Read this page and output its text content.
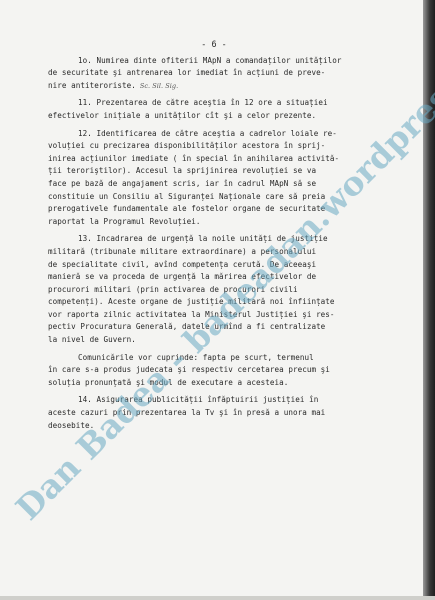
- 6 -
1o. Numirea dinte ofiterii MApN a comandaților unităților
de securitate şi antrenarea lor imediat în acțiuni de preve-
nire antiteroriste. Sc. Sil. Sig.
11. Prezentarea de către aceştia în 12 ore a situației
efectivelor inițiale a unităților cît şi a celor prezente.
12. Identificarea de către aceştia a cadrelor loiale re-
voluției cu precizarea disponibilităților acestora în sprij-
inirea acțiunilor imediate ( în special în anihilarea activită-
ții teroriştilor). Accesul la sprijinirea revoluției se va
face pe bază de angajament scris, iar în cadrul MApN să se
constituie un Consiliu al Siguranței Naționale care să preia
prerogativele fundamentale ale fostelor organe de securitate
raportat la Programul Revoluției.
13. Incadrarea de urgență la noile unități de justiție
militară (tribunale militare extraordinare) a personalului
de specialitate civil, avînd competența cerută. De aceeaşi
manieră se va proceda de urgență la mărirea efectivelor de
procurori militari (prin activarea de procurori civili
competenți). Aceste organe de justiție militară noi înființate
vor raporta zilnic activitatea la Ministerul Justiției şi res-
pectiv Procuratura Generală, datele urmînd a fi centralizate
la nivel de Guvern.
Comunicările vor cuprinde: fapta pe scurt, termenul
în care s-a produs judecata şi respectiv cercetarea precum şi
soluția pronunțată şi modul de executare a acesteia.
14. Asigurarea publicității înfăptuirii justiției în
aceste cazuri prin prezentarea la Tv şi în presă a unora mai
deosebite.
